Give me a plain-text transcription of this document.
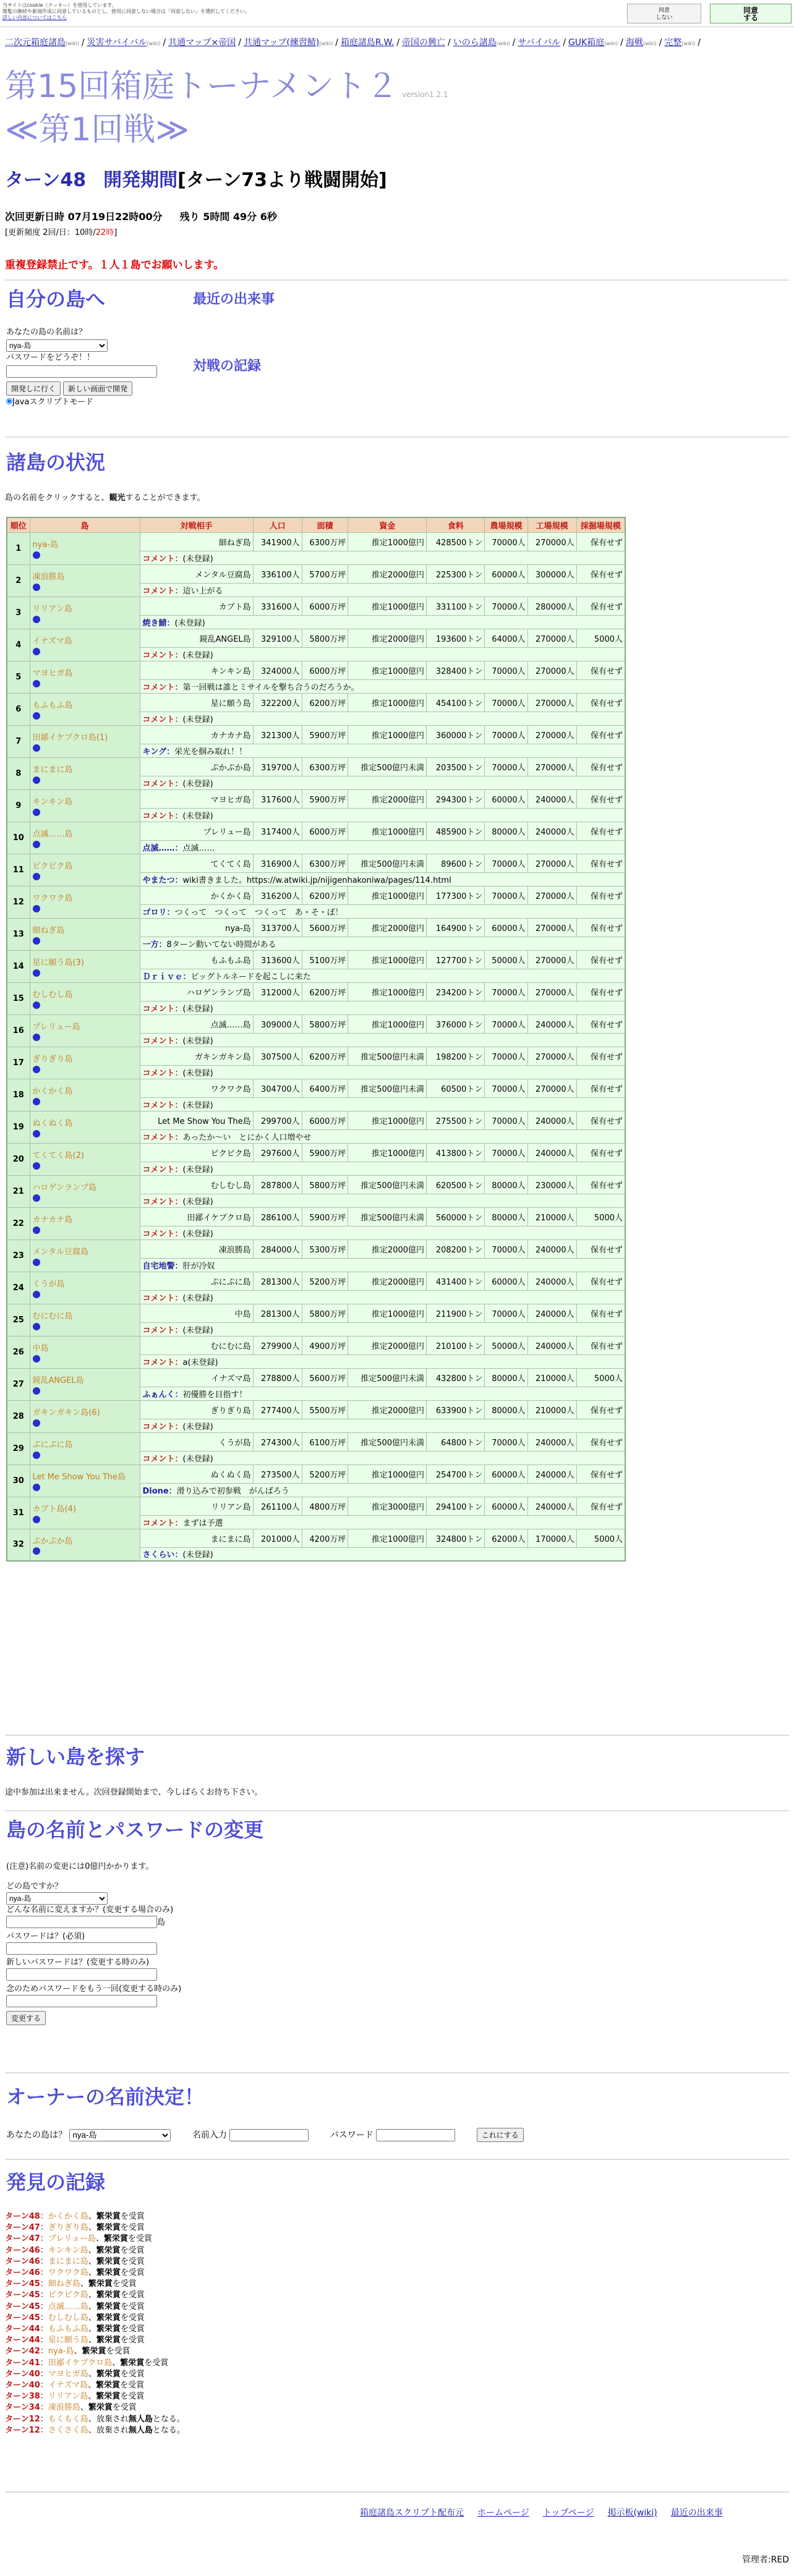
当サイトはcookie（クッキー）を使用しています。
閲覧の継続や新規作成に同意しているものとし、使用に同意しない場合は「同意しない」を選択してください。
詳しい内容についてはこちら
同意
しない
同意
する
二次元箱庭諸島(wiki) / 災害サバイバル(wiki) / 共通マップ×帝国 / 共通マップ(練習鯖)(wiki) / 箱庭諸島R.W. / 帝国の興亡 / いのら諸島(wiki) / サバイバル / GUK箱庭(wiki) / 海戦(wiki) / 完整(wiki) /
第15回箱庭トーナメント２ version1.2.1
≪第1回戦≫
ターン48 開発期間[ターン73より戦闘開始]
次回更新日時 07月19日22時00分 残り 5時間 49分 6秒
[更新頻度 2回/日：10時/22時]
重複登録禁止です。１人１島でお願いします。
自分の島へ	最近の出来事
対戦の記録
あなたの島の名前は？
nya-島
パスワードをどうぞ！！
開発しに行く 新しい画面で開発
Javaスクリプトモード
諸島の状況
島の名前をクリックすると、観光することができます。
順位	島	対戦相手	人口	面積	資金	食料	農場規模	工場規模	採掘場規模
1	nya-島	細ねぎ島	341900人	6300万坪	推定1000億円	428500トン	70000人	270000人	保有せず
		コメント：(未登録)							
2	凍浪勝島	メンタル豆腐島	336100人	5700万坪	推定2000億円	225300トン	60000人	300000人	保有せず
		コメント：這い上がる							
3	リリアン島	カブト島	331600人	6000万坪	推定1000億円	331100トン	70000人	280000人	保有せず
		焼き鯖：(未登録)							
4	イナズマ島	鏡乱ANGEL島	329100人	5800万坪	推定2000億円	193600トン	64000人	270000人	5000人
		コメント：(未登録)							
5	マヨヒガ島	キンキン島	324000人	6000万坪	推定1000億円	328400トン	70000人	270000人	保有せず
		コメント：第一回戦は誰とミサイルを撃ち合うのだろうか。							
6	もふもふ島	星に願う島	322200人	6200万坪	推定1000億円	454100トン	70000人	270000人	保有せず
		コメント：(未登録)							
7	田鄙イケブクロ島(1)	カナカナ島	321300人	5900万坪	推定1000億円	360000トン	70000人	270000人	保有せず
		キング：栄光を掴み取れ！！							
8	まにまに島	ぷかぷか島	319700人	6300万坪	推定500億円未満	203500トン	70000人	270000人	保有せず
		コメント：(未登録)							
9	キンキン島	マヨヒガ島	317600人	5900万坪	推定2000億円	294300トン	60000人	240000人	保有せず
		コメント：(未登録)							
10	点滅……島	プレリュー島	317400人	6000万坪	推定1000億円	485900トン	80000人	240000人	保有せず
		点滅……：点滅……							
11	ピクビク島	てくてく島	316900人	6300万坪	推定500億円未満	89600トン	70000人	270000人	保有せず
		やまたつ：wiki書きました。https://w.atwiki.jp/nijigenhakoniwa/pages/114.html							
12	ワクワク島	かくかく島	316200人	6200万坪	推定1000億円	177300トン	70000人	270000人	保有せず
		ゴロリ：つくって　つくって　つくって　あ・そ・ぼ！							
13	細ねぎ島	nya-島	313700人	5600万坪	推定2000億円	164900トン	60000人	270000人	保有せず
		一方：8ターン動いてない時間がある							
14	星に願う島(3)	もふもふ島	313600人	5100万坪	推定1000億円	127700トン	50000人	270000人	保有せず
		Ｄｒｉｖｅ：ビッグトルネードを起こしに来た							
15	むしむし島	ハロゲンランプ島	312000人	6200万坪	推定1000億円	234200トン	70000人	270000人	保有せず
		コメント：(未登録)							
16	プレリュー島	点滅……島	309000人	5800万坪	推定1000億円	376000トン	70000人	240000人	保有せず
		コメント：(未登録)							
17	ぎりぎり島	ガキンガキン島	307500人	6200万坪	推定500億円未満	198200トン	70000人	270000人	保有せず
		コメント：(未登録)							
18	かくかく島	ワクワク島	304700人	6400万坪	推定500億円未満	60500トン	70000人	270000人	保有せず
		コメント：(未登録)							
19	ぬくぬく島	Let Me Show You The島	299700人	6000万坪	推定1000億円	275500トン	70000人	240000人	保有せず
		コメント：あったか～い　とにかく人口増やせ							
20	てくてく島(2)	ピクビク島	297600人	5900万坪	推定1000億円	413800トン	70000人	240000人	保有せず
		コメント：(未登録)							
21	ハロゲンランプ島	むしむし島	287800人	5800万坪	推定500億円未満	620500トン	80000人	230000人	保有せず
		コメント：(未登録)							
22	カナカナ島	田鄙イケブクロ島	286100人	5900万坪	推定500億円未満	560000トン	80000人	210000人	5000人
		コメント：(未登録)							
23	メンタル豆腐島	凍浪勝島	284000人	5300万坪	推定2000億円	208200トン	70000人	240000人	保有せず
		自宅地警：肝が冷奴							
24	くうが島	ぷにぷに島	281300人	5200万坪	推定2000億円	431400トン	60000人	240000人	保有せず
		コメント：(未登録)							
25	むにむに島	中島	281300人	5800万坪	推定1000億円	211900トン	70000人	240000人	保有せず
		コメント：(未登録)							
26	中島	むにむに島	279900人	4900万坪	推定2000億円	210100トン	50000人	240000人	保有せず
		コメント：a(未登録)							
27	鏡乱ANGEL島	イナズマ島	278800人	5600万坪	推定500億円未満	432800トン	80000人	210000人	5000人
		ふぁんく：初優勝を目指す！							
28	ガキンガキン島(6)	ぎりぎり島	277400人	5500万坪	推定2000億円	633900トン	80000人	210000人	保有せず
		コメント：(未登録)							
29	ぷにぷに島	くうが島	274300人	6100万坪	推定500億円未満	64800トン	70000人	240000人	保有せず
		コメント：(未登録)							
30	Let Me Show You The島	ぬくぬく島	273500人	5200万坪	推定1000億円	254700トン	60000人	240000人	保有せず
		Dione：滑り込みで初参戦　がんばろう							
31	カブト島(4)	リリアン島	261100人	4800万坪	推定3000億円	294100トン	60000人	240000人	保有せず
		コメント：まずは予選							
32	ぷかぷか島	まにまに島	201000人	4200万坪	推定1000億円	324800トン	62000人	170000人	5000人
		さくらい：(未登録)							
新しい島を探す
途中参加は出来ません。次回登録開始まで、今しばらくお待ち下さい。
島の名前とパスワードの変更
(注意)名前の変更には0億円かかります。
どの島ですか？
nya-島
どんな名前に変えますか？(変更する場合のみ)
島
パスワードは？(必須)
新しいパスワードは？(変更する時のみ)
念のためパスワードをもう一回(変更する時のみ)
変更する
オーナーの名前決定！
あなたの島は？
nya-島	名前入力	パスワード	これにする
発見の記録
ターン48：かくかく島、繁栄賞を受賞
ターン47：ぎりぎり島、繁栄賞を受賞
ターン47：プレリュー島、繁栄賞を受賞
ターン46：キンキン島、繁栄賞を受賞
ターン46：まにまに島、繁栄賞を受賞
ターン46：ワクワク島、繁栄賞を受賞
ターン45：細ねぎ島、繁栄賞を受賞
ターン45：ピクビク島、繁栄賞を受賞
ターン45：点滅……島、繁栄賞を受賞
ターン45：むしむし島、繁栄賞を受賞
ターン44：もふもふ島、繁栄賞を受賞
ターン44：星に願う島、繁栄賞を受賞
ターン42：nya-島、繁栄賞を受賞
ターン41：田鄙イケブクロ島、繁栄賞を受賞
ターン40：マヨヒガ島、繁栄賞を受賞
ターン40：イナズマ島、繁栄賞を受賞
ターン38：リリアン島、繁栄賞を受賞
ターン34：凍浪勝島、繁栄賞を受賞
ターン12：もくもく島、放棄され無人島となる。
ターン12：さくさく島、放棄され無人島となる。
箱庭諸島スクリプト配布元 ホームページ トップページ 掲示板(wiki) 最近の出来事
管理者:RED
